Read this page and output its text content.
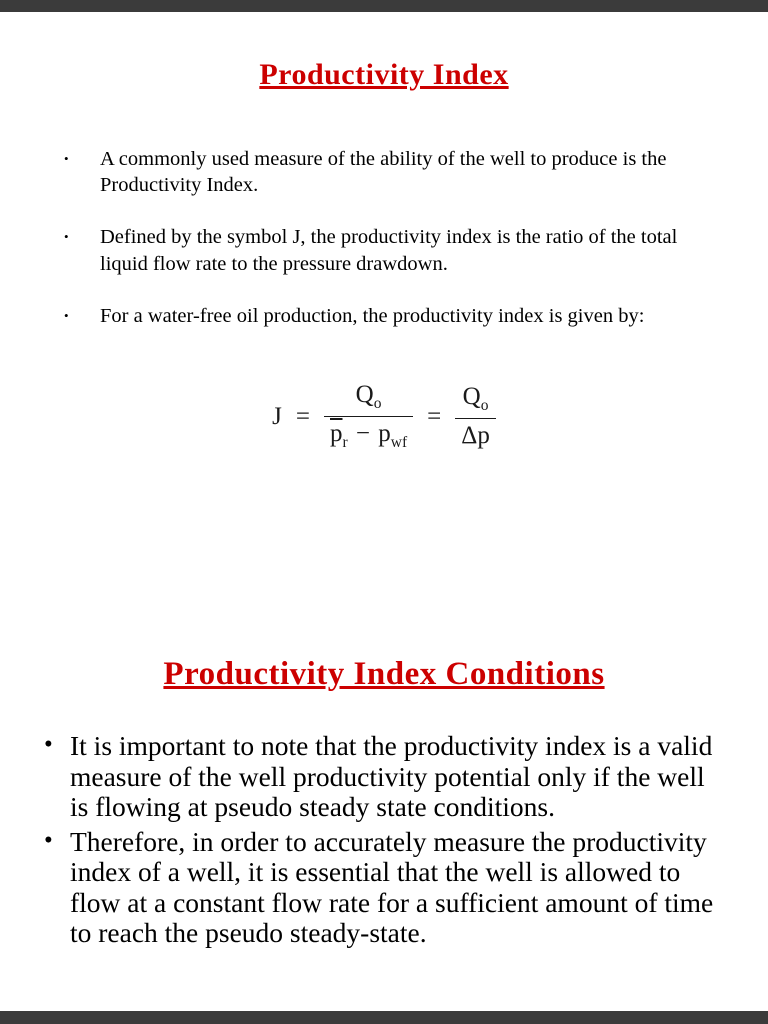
Productivity Index
•	A commonly used measure of the ability of the well to produce is the Productivity Index.
•	Defined by the symbol J, the productivity index is the ratio of the total liquid flow rate to the pressure drawdown.
•	For a water-free oil production, the productivity index is given by:
$J = \frac{Q_o}{\overline{p}_r - p_{wf}} = \frac{Q_o}{\Delta p}$
Productivity Index Conditions
• It is important to note that the productivity index is a valid measure of the well productivity potential only if the well is flowing at pseudo steady state conditions.
• Therefore, in order to accurately measure the productivity index of a well, it is essential that the well is allowed to flow at a constant flow rate for a sufficient amount of time to reach the pseudo steady-state.
